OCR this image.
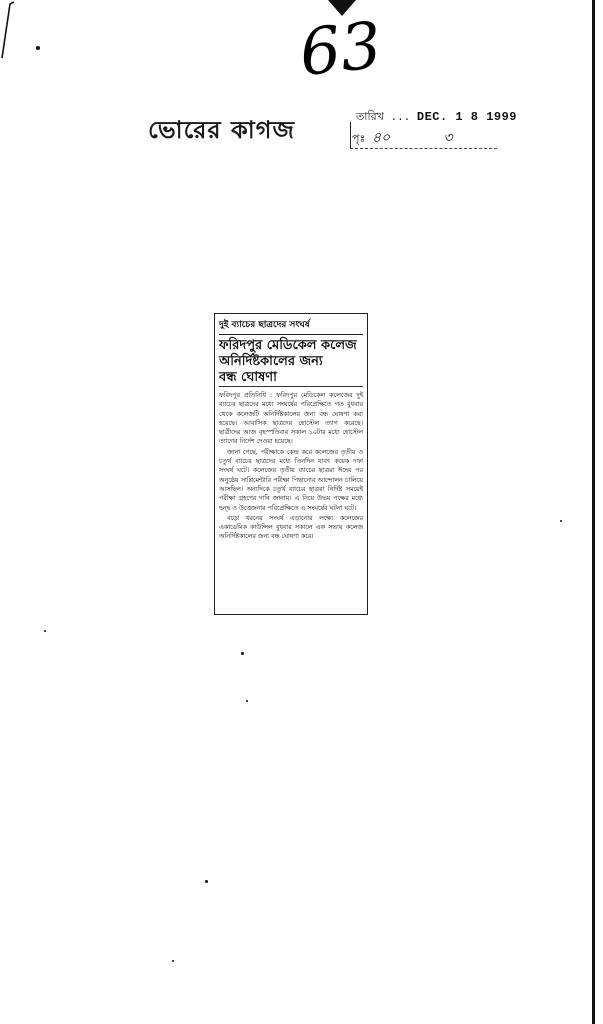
63
ভোরের কাগজ	তারিখ ... DEC. 1 8 1999
পৃঃ ৪০	৩
দুই ব্যাচের ছাত্রদের সংঘর্ষ
ফরিদপুর মেডিকেল কলেজ
অনির্দিষ্টকালের জন্য
বন্ধ ঘোষণা

ফরিদপুর প্রতিনিধি : ফরিদপুর মেডিকেল কলেজের দুই ব্যাচের ছাত্রদের মধ্যে সংঘর্ষের পরিপ্রেক্ষিতে গত বুধবার থেকে কলেজটি অনির্দিষ্টকালের জন্য বন্ধ ঘোষণা করা হয়েছে। আবাসিক ছাত্রদের হোস্টেল ত্যাগ করেছে। ছাত্রীদের আজ বৃহস্পতিবার সকাল ১০টার মধ্যে হোস্টেল ত্যাগের নির্দেশ দেওয়া হয়েছে।

জানা গেছে, পরীক্ষাকে কেন্দ্র করে কলেজের তৃতীয় ও চতুর্থ ব্যাচের ছাত্রদের মধ্যে তিনদিন যাবৎ কয়েক দফা সংঘর্ষ ঘটে। কলেজের তৃতীয় ব্যাচের ছাত্ররা ঈদের পর অনুষ্ঠেয় সাপ্লিমেন্টারি পরীক্ষা পিছানোর আন্দোলন চালিয়ে আসছিল। অন্যদিকে চতুর্থ ব্যাচের ছাত্ররা নির্দিষ্ট সময়েই পরীক্ষা গ্রহণের দাবি জানায়। এ নিয়ে উভয় পক্ষের মধ্যে দ্বন্দ্ব ও উত্তেজনার পরিপ্রেক্ষিতে এ সংঘর্ষের ঘটনা ঘটে।

বড়ো ধরনের সংঘর্ষ এড়ানোর লক্ষ্যে কলেজের একাডেমিক কাউন্সিল বুধবার সকালে এক সভায় কলেজ অনির্দিষ্টকালের জন্য বন্ধ ঘোষণা করে।
